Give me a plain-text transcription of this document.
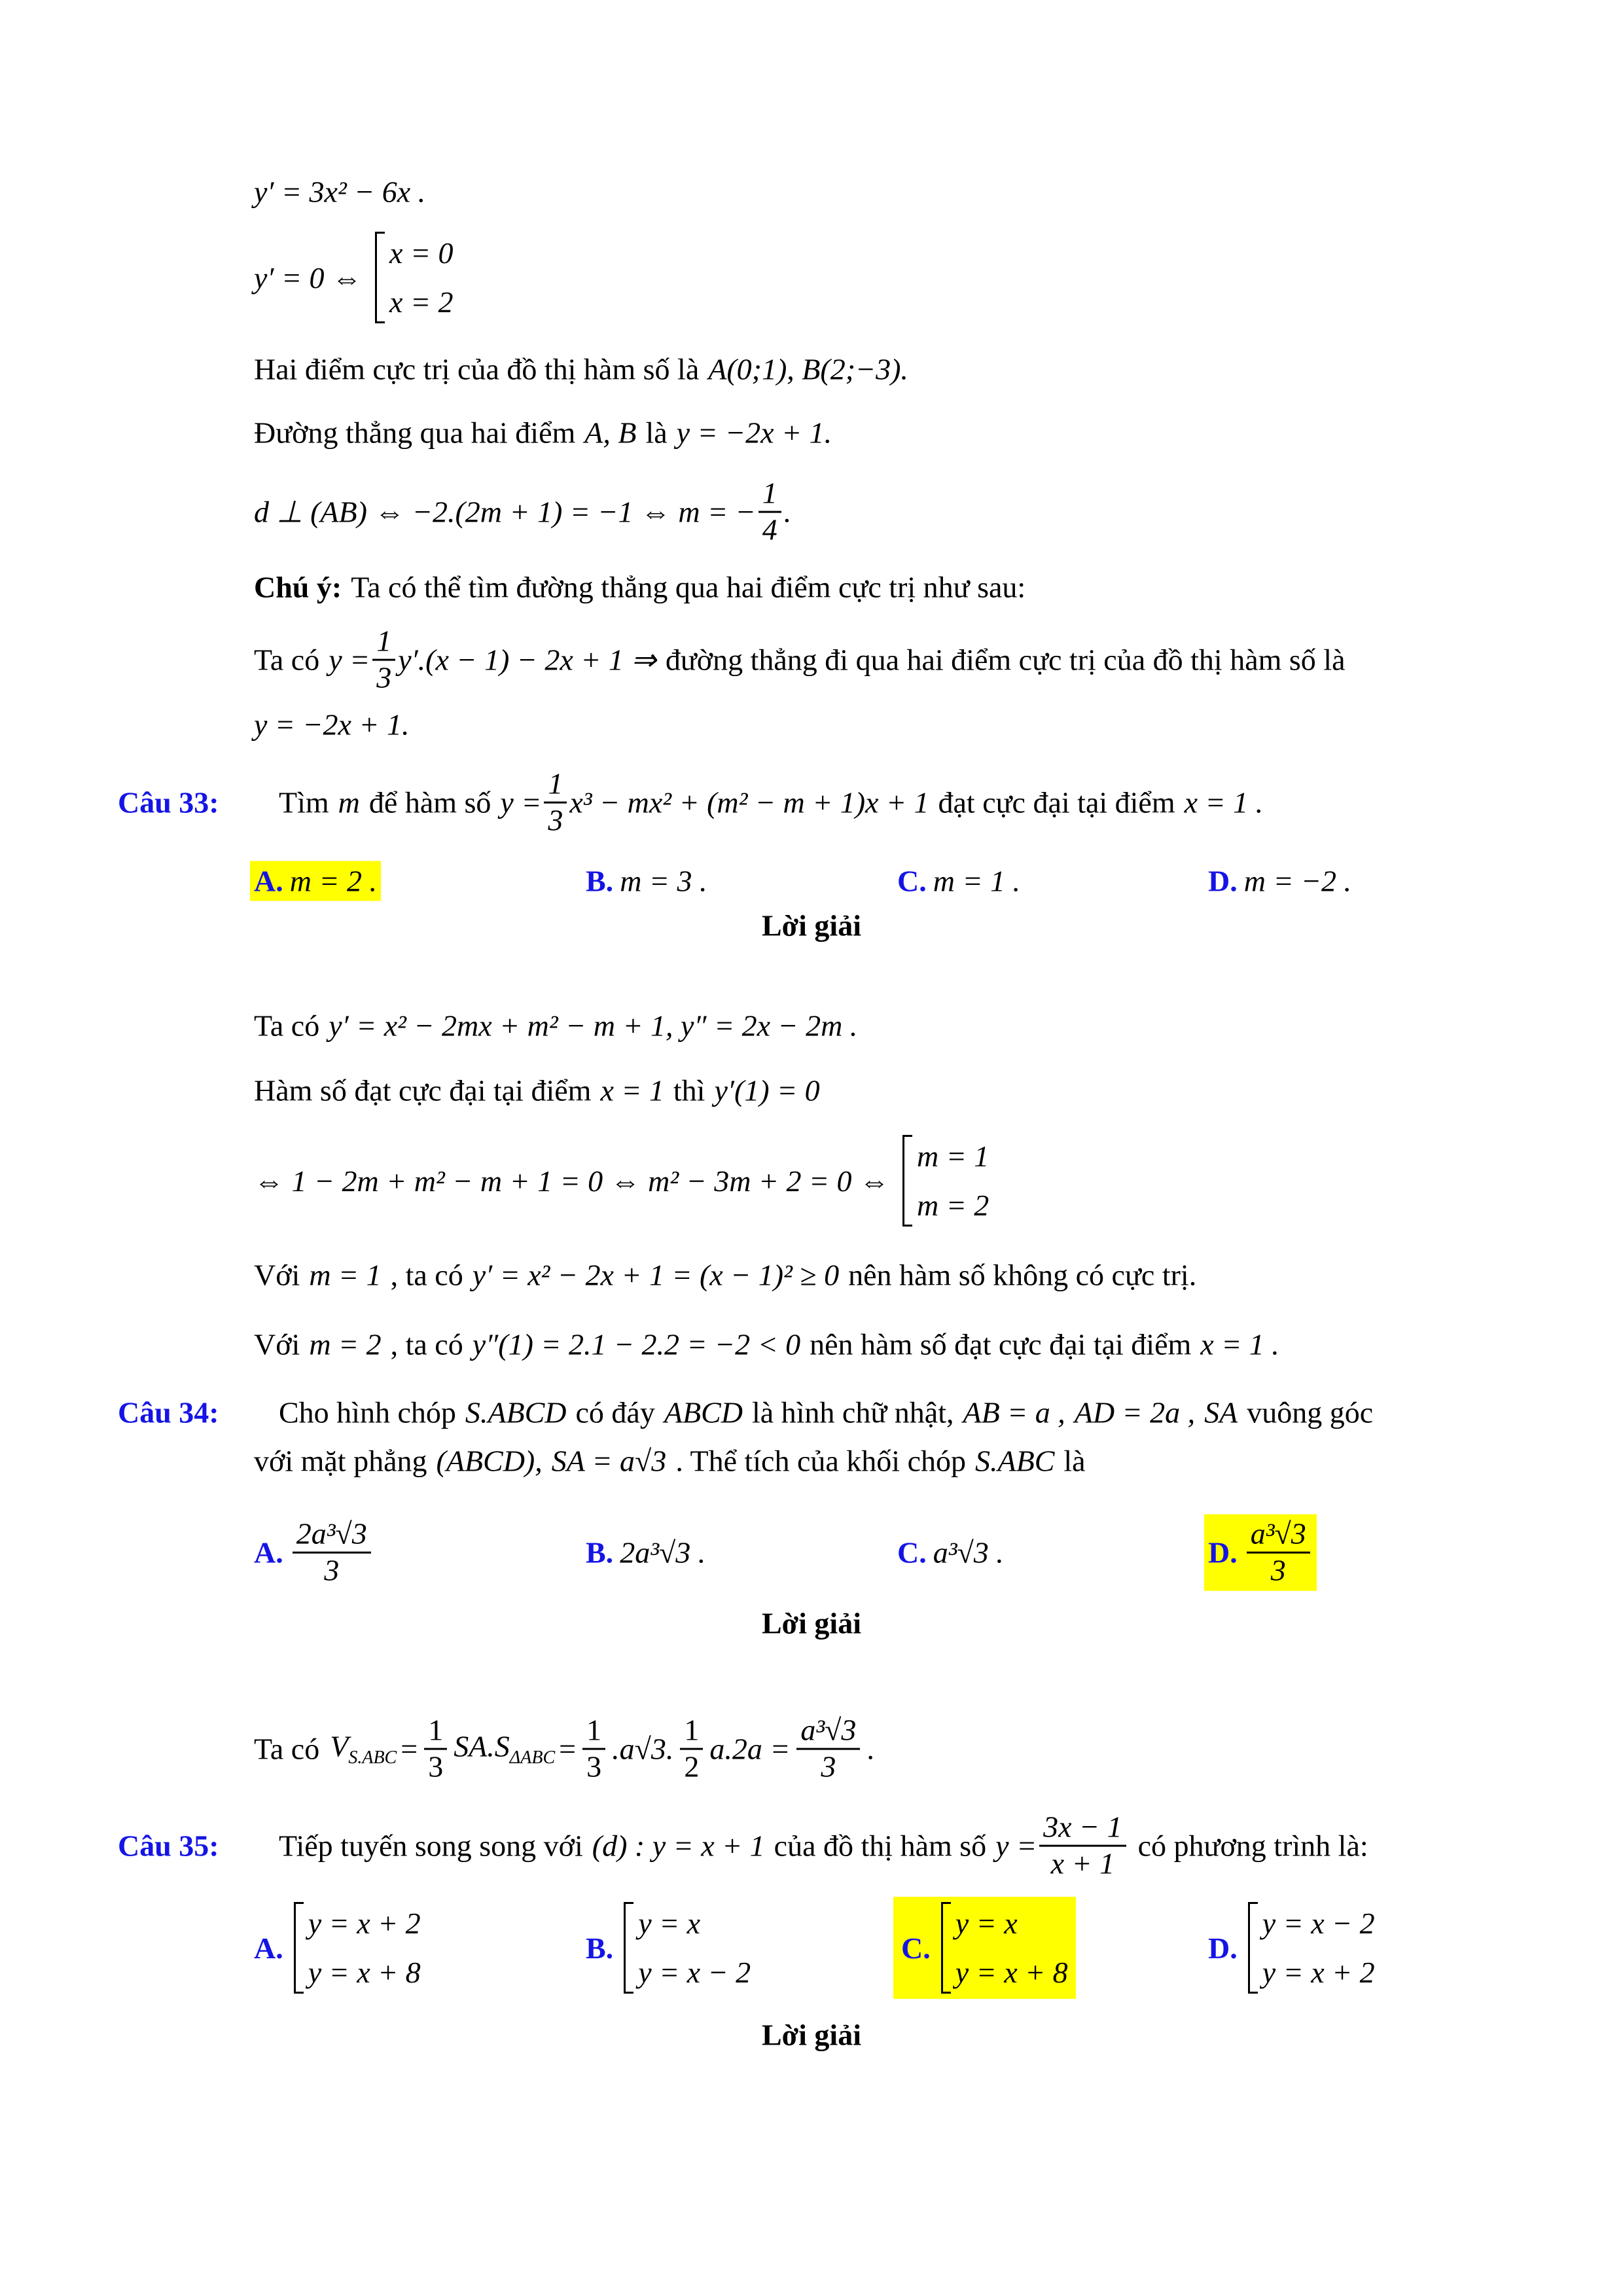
y′ = 3x² − 6x .
y′ = 0 ⇔
x = 0
x = 2
Hai điểm cực trị của đồ thị hàm số là A(0;1), B(2;−3).
Đường thẳng qua hai điểm A, B là y = −2x + 1.
d ⊥ (AB) ⇔ −2.(2m + 1) = −1 ⇔ m = − $\frac{1}{4}$ .
Chú ý: Ta có thể tìm đường thẳng qua hai điểm cực trị như sau:
Ta có $y = \frac{1}{3} y'.(x - 1) - 2x + 1$ ⇒ đường thẳng đi qua hai điểm cực trị của đồ thị hàm số là
y = −2x + 1.
Câu 33: Tìm m để hàm số $y = \frac{1}{3} x^3 - mx^2 + (m^2 - m + 1)x + 1$ đạt cực đại tại điểm x = 1 .
A. m = 2 .	B. m = 3 .	C. m = 1 .	D. m = −2 .
Lời giải
Ta có y′ = x² − 2mx + m² − m + 1, y″ = 2x − 2m .
Hàm số đạt cực đại tại điểm x = 1 thì y′(1) = 0
⇔ 1 − 2m + m² − m + 1 = 0 ⇔ m² − 3m + 2 = 0 ⇔
m = 1
m = 2
Với m = 1 , ta có y′ = x² − 2x + 1 = (x − 1)² ≥ 0 nên hàm số không có cực trị.
Với m = 2 , ta có y″(1) = 2.1 − 2.2 = −2 < 0 nên hàm số đạt cực đại tại điểm x = 1 .
Câu 34: Cho hình chóp S.ABCD có đáy ABCD là hình chữ nhật, AB = a , AD = 2a , SA vuông góc
với mặt phẳng (ABCD), SA = a√3 . Thể tích của khối chóp S.ABC là
A. $\frac{\text{2a³√3}}{3}$	B. 2a³√3 .	C. a³√3 .	D. $\frac{\text{a³√3}}{3}$
Lời giải
Ta có $V_{S.ABC} = \frac{1}{3} SA.S_{\Delta ABC} = \frac{1}{3} .a√3$. $\frac{1}{2} a.2a = \frac{\text{a³√3}}{3}$ .
Câu 35: Tiếp tuyến song song với (d) : y = x + 1 của đồ thị hàm số $y = \frac{3x - 1}{x + 1}$ có phương trình là:
A.
y = x + 2
y = x + 8
B.
y = x
y = x − 2
C.
y = x
y = x + 8
D.
y = x − 2
y = x + 2
Lời giải
